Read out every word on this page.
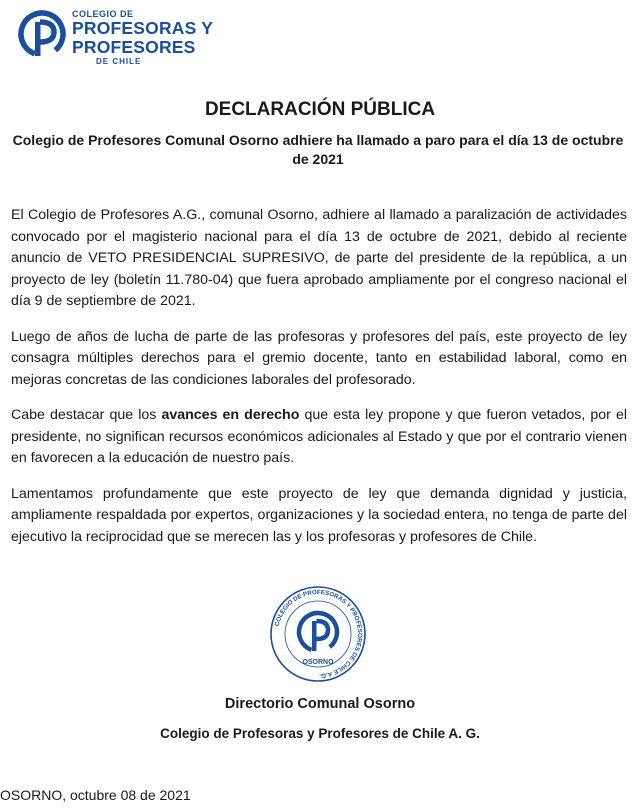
COLEGIO DE
PROFESORAS Y
PROFESORES
DE CHILE
DECLARACIÓN PÚBLICA
Colegio de Profesores Comunal Osorno adhiere ha llamado a paro para el día 13 de octubre de 2021

El Colegio de Profesores A.G., comunal Osorno, adhiere al llamado a paralización de actividades convocado por el magisterio nacional para el día 13 de octubre de 2021, debido al reciente anuncio de VETO PRESIDENCIAL SUPRESIVO, de parte del presidente de la república, a un proyecto de ley (boletín 11.780-04) que fuera aprobado ampliamente por el congreso nacional el día 9 de septiembre de 2021.

Luego de años de lucha de parte de las profesoras y profesores del país, este proyecto de ley consagra múltiples derechos para el gremio docente, tanto en estabilidad laboral, como en mejoras concretas de las condiciones laborales del profesorado.

Cabe destacar que los avances en derecho que esta ley propone y que fueron vetados, por el presidente, no significan recursos económicos adicionales al Estado y que por el contrario vienen en favorecen a la educación de nuestro país.

Lamentamos profundamente que este proyecto de ley que demanda dignidad y justicia, ampliamente respaldada por expertos, organizaciones y la sociedad entera, no tenga de parte del ejecutivo la reciprocidad que se merecen las y los profesoras y profesores de Chile.

COLEGIO DE PROFESORAS Y PROFESORES DE CHILE A.G.
OSORNO
Directorio Comunal Osorno
Colegio de Profesoras y Profesores de Chile A. G.
OSORNO, octubre 08 de 2021
